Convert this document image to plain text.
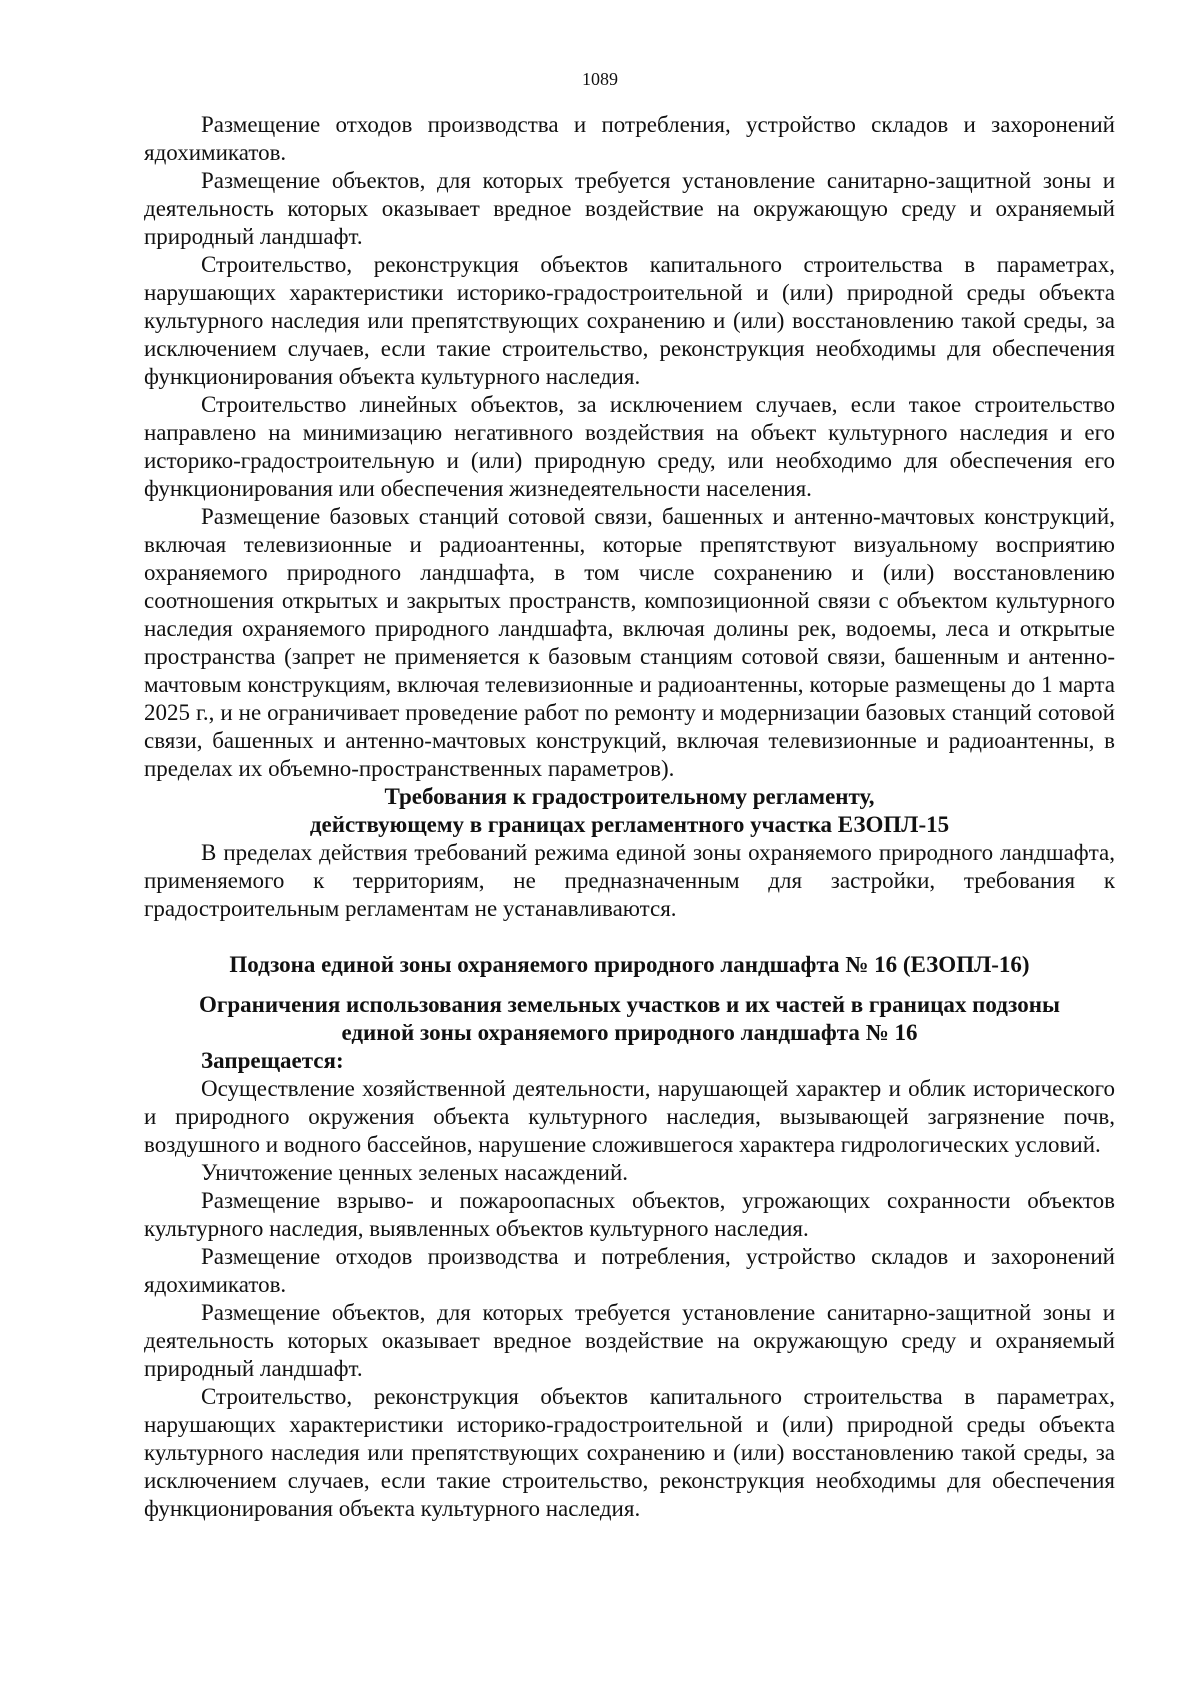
1089

Размещение отходов производства и потребления, устройство складов и захоронений ядохимикатов.

Размещение объектов, для которых требуется установление санитарно-защитной зоны и деятельность которых оказывает вредное воздействие на окружающую среду и охраняемый природный ландшафт.

Строительство, реконструкция объектов капитального строительства в параметрах, нарушающих характеристики историко-градостроительной и (или) природной среды объекта культурного наследия или препятствующих сохранению и (или) восстановлению такой среды, за исключением случаев, если такие строительство, реконструкция необходимы для обеспечения функционирования объекта культурного наследия.

Строительство линейных объектов, за исключением случаев, если такое строительство направлено на минимизацию негативного воздействия на объект культурного наследия и его историко-градостроительную и (или) природную среду, или необходимо для обеспечения его функционирования или обеспечения жизнедеятельности населения.

Размещение базовых станций сотовой связи, башенных и антенно-мачтовых конструкций, включая телевизионные и радиоантенны, которые препятствуют визуальному восприятию охраняемого природного ландшафта, в том числе сохранению и (или) восстановлению соотношения открытых и закрытых пространств, композиционной связи с объектом культурного наследия охраняемого природного ландшафта, включая долины рек, водоемы, леса и открытые пространства (запрет не применяется к базовым станциям сотовой связи, башенным и антенно-мачтовым конструкциям, включая телевизионные и радиоантенны, которые размещены до 1 марта 2025 г., и не ограничивает проведение работ по ремонту и модернизации базовых станций сотовой связи, башенных и антенно-мачтовых конструкций, включая телевизионные и радиоантенны, в пределах их объемно-пространственных параметров).

Требования к градостроительному регламенту,
действующему в границах регламентного участка ЕЗОПЛ-15

В пределах действия требований режима единой зоны охраняемого природного ландшафта, применяемого к территориям, не предназначенным для застройки, требования к градостроительным регламентам не устанавливаются.

Подзона единой зоны охраняемого природного ландшафта № 16 (ЕЗОПЛ-16)
Ограничения использования земельных участков и их частей в границах подзоны
единой зоны охраняемого природного ландшафта № 16

Запрещается:

Осуществление хозяйственной деятельности, нарушающей характер и облик исторического и природного окружения объекта культурного наследия, вызывающей загрязнение почв, воздушного и водного бассейнов, нарушение сложившегося характера гидрологических условий.

Уничтожение ценных зеленых насаждений.

Размещение взрыво- и пожароопасных объектов, угрожающих сохранности объектов культурного наследия, выявленных объектов культурного наследия.

Размещение отходов производства и потребления, устройство складов и захоронений ядохимикатов.

Размещение объектов, для которых требуется установление санитарно-защитной зоны и деятельность которых оказывает вредное воздействие на окружающую среду и охраняемый природный ландшафт.

Строительство, реконструкция объектов капитального строительства в параметрах, нарушающих характеристики историко-градостроительной и (или) природной среды объекта культурного наследия или препятствующих сохранению и (или) восстановлению такой среды, за исключением случаев, если такие строительство, реконструкция необходимы для обеспечения функционирования объекта культурного наследия.
